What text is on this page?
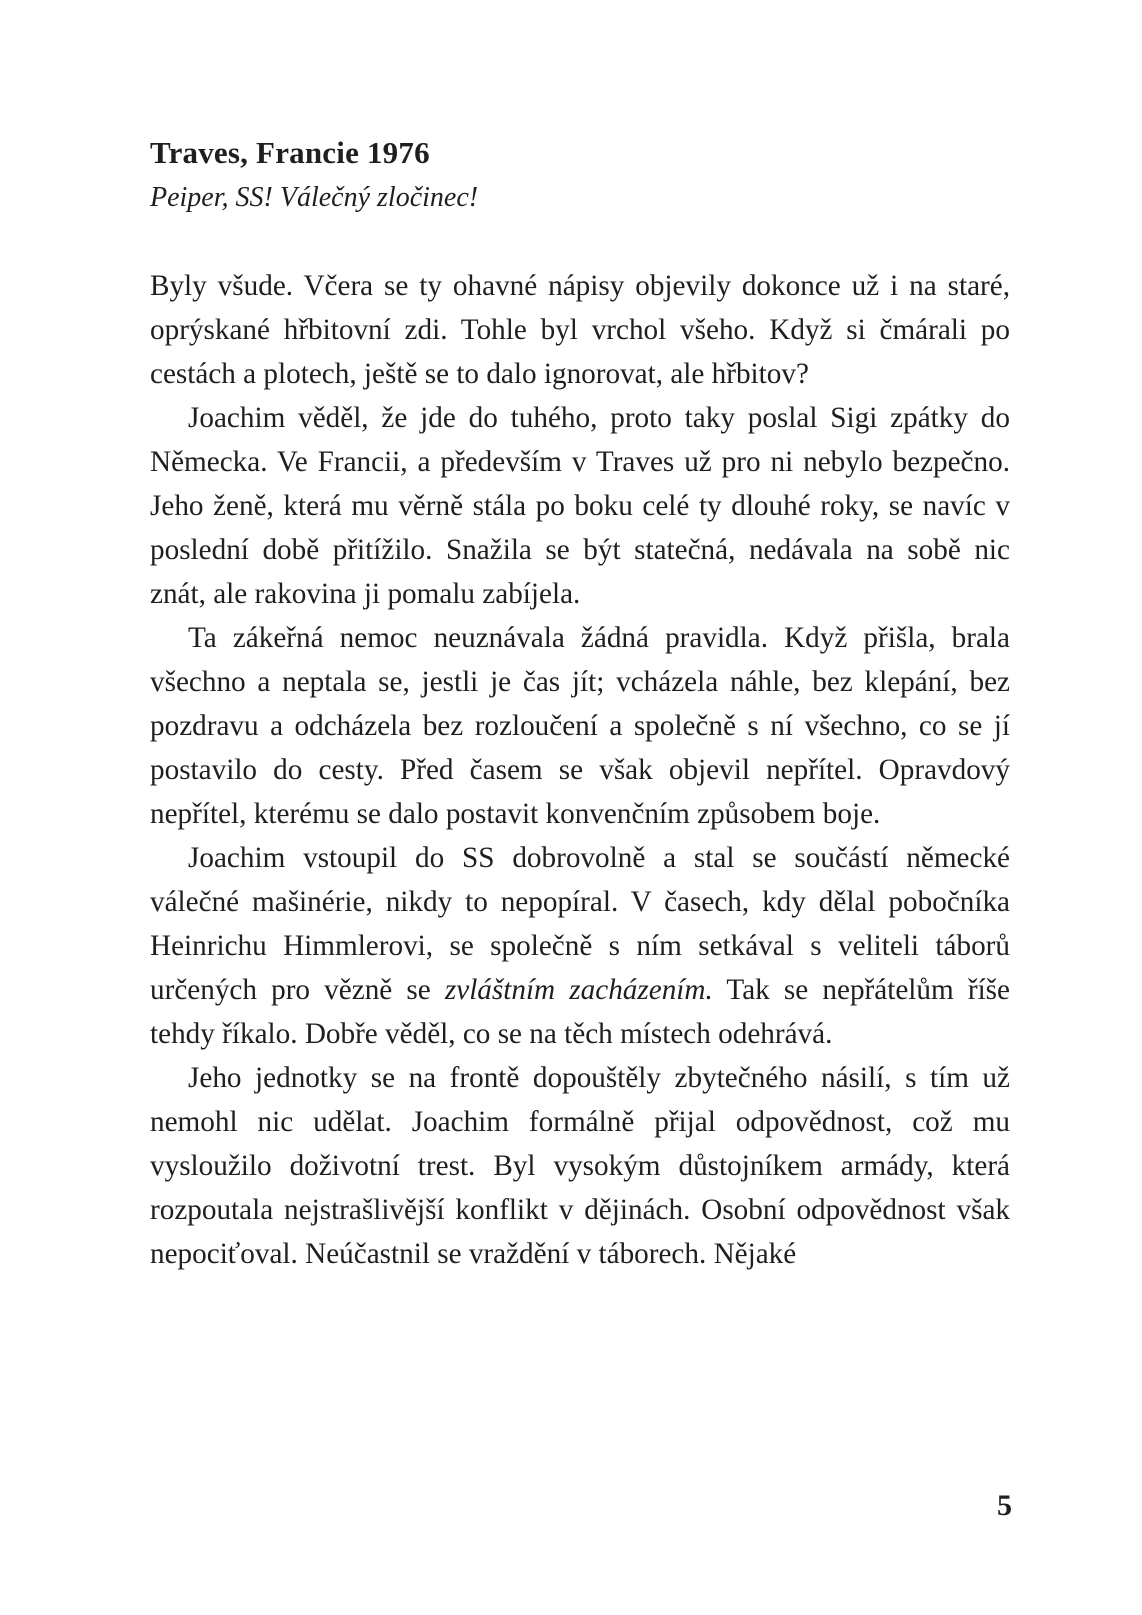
Traves, Francie 1976
Peiper, SS! Válečný zločinec!

Byly všude. Včera se ty ohavné nápisy objevily dokonce už i na staré, oprýskané hřbitovní zdi. Tohle byl vrchol všeho. Když si čmárali po cestách a plotech, ještě se to dalo ignorovat, ale hřbitov?

Joachim věděl, že jde do tuhého, proto taky poslal Sigi zpátky do Německa. Ve Francii, a především v Traves už pro ni nebylo bezpečno. Jeho ženě, která mu věrně stála po boku celé ty dlouhé roky, se navíc v poslední době přitížilo. Snažila se být statečná, nedávala na sobě nic znát, ale rakovina ji pomalu zabíjela.

Ta zákeřná nemoc neuznávala žádná pravidla. Když přišla, brala všechno a neptala se, jestli je čas jít; vcházela náhle, bez klepání, bez pozdravu a odcházela bez rozloučení a společně s ní všechno, co se jí postavilo do cesty. Před časem se však objevil nepřítel. Opravdový nepřítel, kterému se dalo postavit konvenčním způsobem boje.

Joachim vstoupil do SS dobrovolně a stal se součástí německé válečné mašinérie, nikdy to nepopíral. V časech, kdy dělal pobočníka Heinrichu Himmlerovi, se společně s ním setkával s veliteli táborů určených pro vězně se zvláštním zacházením. Tak se nepřátelům říše tehdy říkalo. Dobře věděl, co se na těch místech odehrává.

Jeho jednotky se na frontě dopouštěly zbytečného násilí, s tím už nemohl nic udělat. Joachim formálně přijal odpovědnost, což mu vysloužilo doživotní trest. Byl vysokým důstojníkem armády, která rozpoutala nejstrašlivější konflikt v dějinách. Osobní odpovědnost však nepociťoval. Neúčastnil se vraždění v táborech. Nějaké

5
